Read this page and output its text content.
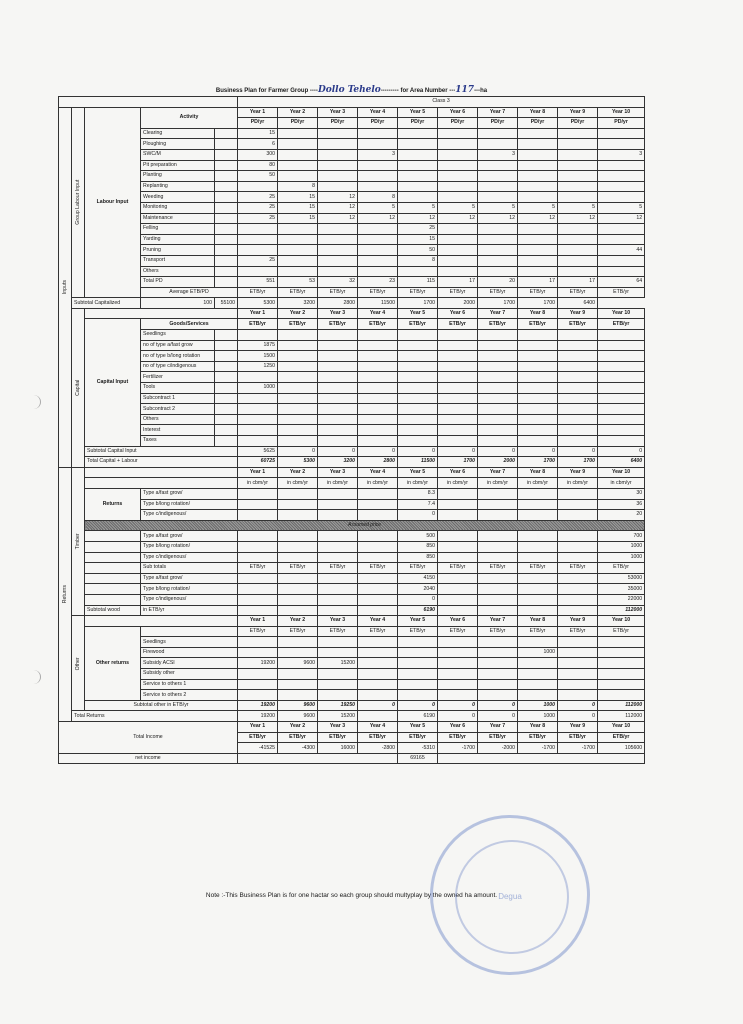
Business Plan for Farmer Group ----Dollo Tehelo--------- for Area Number ---117---ha
					Class 3									
Inputs	Group Labour Input	Labour Input	Activity		Year 1	Year 2	Year 3	Year 4	Year 5	Year 6	Year 7	Year 8	Year 9	Year 10
					PD/yr	PD/yr	PD/yr	PD/yr	PD/yr	PD/yr	PD/yr	PD/yr	PD/yr	PD/yr
			Clearing		15									
			Ploughing		6									
			SWC/M		300			3			3			3
			Pit preparation		80									
			Planting		50									
			Replanting			8								
			Weeding		25	15	12	8						
			Monitoring		25	15	12	5	5	5	5	5	5	5
			Maintenance		25	15	12	12	12	12	12	12	12	12
			Felling						25					
			Yarding						15					
			Pruning						50					44
			Transport		25				8					
			Others											
			Total PD		551	53	32	23	115	17	20	17	17	64
			Average ETB/PD		ETB/yr	ETB/yr	ETB/yr	ETB/yr	ETB/yr	ETB/yr	ETB/yr	ETB/yr	ETB/yr	ETB/yr
	Subtotal Capitalized		100	55100	5300	3200	2800	11500	1700	2000	1700	1700	6400	
	Capital				Year 1	Year 2	Year 3	Year 4	Year 5	Year 6	Year 7	Year 8	Year 9	Year 10
		Capital Input	Goods/Services		ETB/yr	ETB/yr	ETB/yr	ETB/yr	ETB/yr	ETB/yr	ETB/yr	ETB/yr	ETB/yr	ETB/yr
			Seedlings											
			no of type a/fast grow		1875									
			no of type b/long rotation		1500									
			no of type c/indigenous		1250									
			Fertilizer											
			Tools		1000									
			Subcontract 1											
			Subcontract 2											
			Others											
			Interest											
			Taxes											
		Subtotal Capital Input			5625	0	0	0	0	0	0	0	0	0
		Total Capital + Labour			60725	5300	3200	2800	11500	1700	2000	1700	1700	6400
Returns	Timber				Year 1	Year 2	Year 3	Year 4	Year 5	Year 6	Year 7	Year 8	Year 9	Year 10
					in cbm/yr	in cbm/yr	in cbm/yr	in cbm/yr	in cbm/yr	in cbm/yr	in cbm/yr	in cbm/yr	in cbm/yr	in cbm/yr
		Returns	Type a/fast grow/						8.3					30
			Type b/long rotation/						7.4					36
			Type c/indigenous/						0					20
		Assumed price												
			Type a/fast grow/						500					700
			Type b/long rotation/						850					1000
			Type c/indigenous/						850					1000
			Sub totals		ETB/yr	ETB/yr	ETB/yr	ETB/yr	ETB/yr	ETB/yr	ETB/yr	ETB/yr	ETB/yr	ETB/yr
			Type a/fast grow/						4150					53000
			Type b/long rotation/						2040					35000
			Type c/indigenous/						0					22000
		Subtotal wood	in ETB/yr						6190					112000
	Other				Year 1	Year 2	Year 3	Year 4	Year 5	Year 6	Year 7	Year 8	Year 9	Year 10
		Other returns			ETB/yr	ETB/yr	ETB/yr	ETB/yr	ETB/yr	ETB/yr	ETB/yr	ETB/yr	ETB/yr	ETB/yr
			Seedlings											
			Firewood									1000		
			Subsidy ACSI		19200	9600	15200							
			Subsidy other											
			Service to others 1											
			Service to others 2											
		Subtotal other in ETB/yr			19200	9600	19250	0	0	0	0	1000	0	112000
	Total Returns				19200	9600	15200		6190	0	0	1000	0	112000
Total Income					Year 1	Year 2	Year 3	Year 4	Year 5	Year 6	Year 7	Year 8	Year 9	Year 10
					ETB/yr	ETB/yr	ETB/yr	ETB/yr	ETB/yr	ETB/yr	ETB/yr	ETB/yr	ETB/yr	ETB/yr
					-41525	-4300	16000	-2800	-5310	-1700	-2000	-1700	-1700	105600
net income									69165					
Note :-This Business Plan is for one hactar so each group should multyplay by the owned ha amount. Degua
